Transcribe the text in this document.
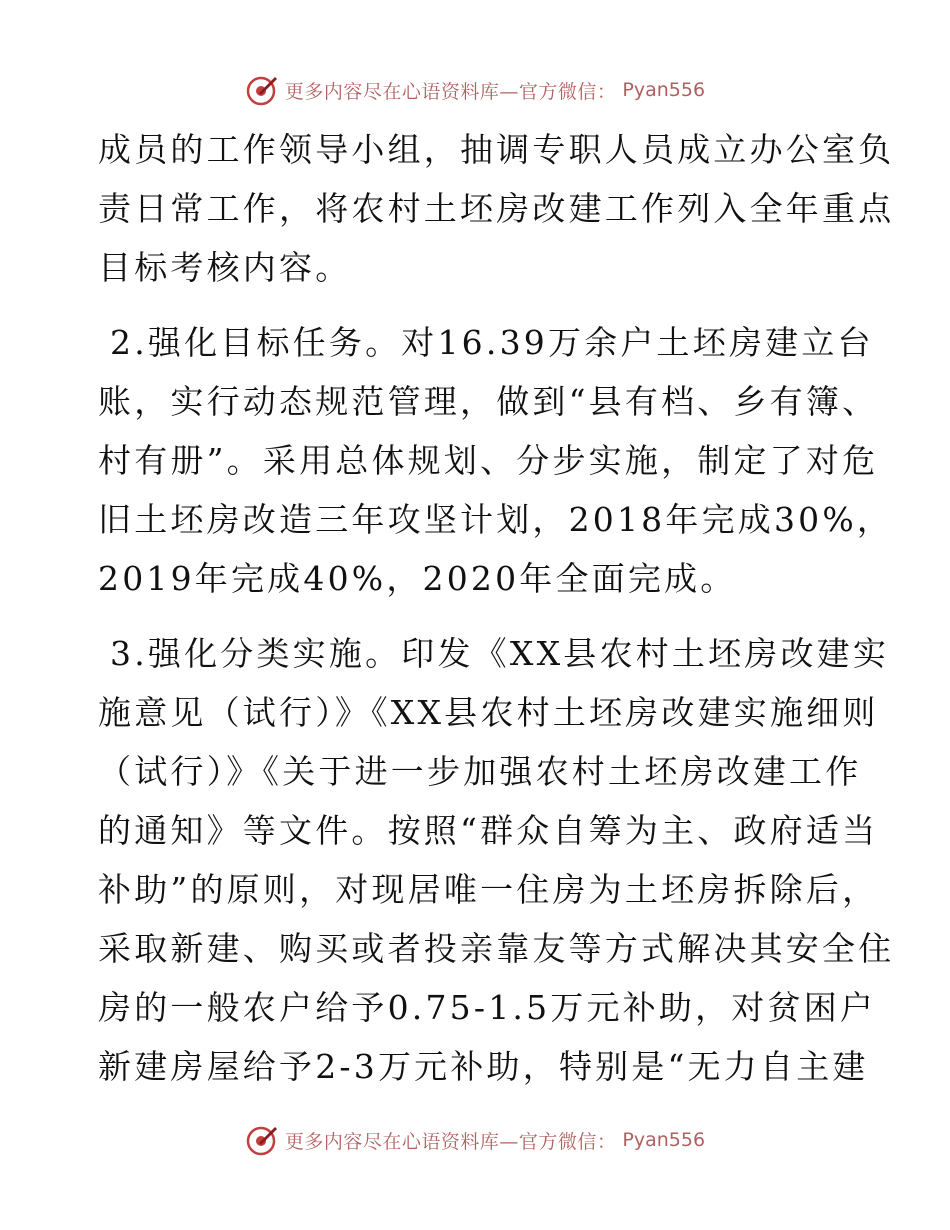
更多内容尽在心语资料库—官方微信： Pyan556
成员的工作领导小组，抽调专职人员成立办公室负
责日常工作，将农村土坯房改建工作列入全年重点
目标考核内容。
2.强化目标任务。对16.39万余户土坯房建立台
账，实行动态规范管理，做到“县有档、乡有簿、
村有册”。采用总体规划、分步实施，制定了对危
旧土坯房改造三年攻坚计划，2018年完成30%，
2019年完成40%，2020年全面完成。
3.强化分类实施。印发《XX县农村土坯房改建实
施意见（试行）》《XX县农村土坯房改建实施细则
（试行）》《关于进一步加强农村土坯房改建工作
的通知》等文件。按照“群众自筹为主、政府适当
补助”的原则，对现居唯一住房为土坯房拆除后，
采取新建、购买或者投亲靠友等方式解决其安全住
房的一般农户给予0.75-1.5万元补助，对贫困户
新建房屋给予2-3万元补助，特别是“无力自主建
更多内容尽在心语资料库—官方微信： Pyan556
